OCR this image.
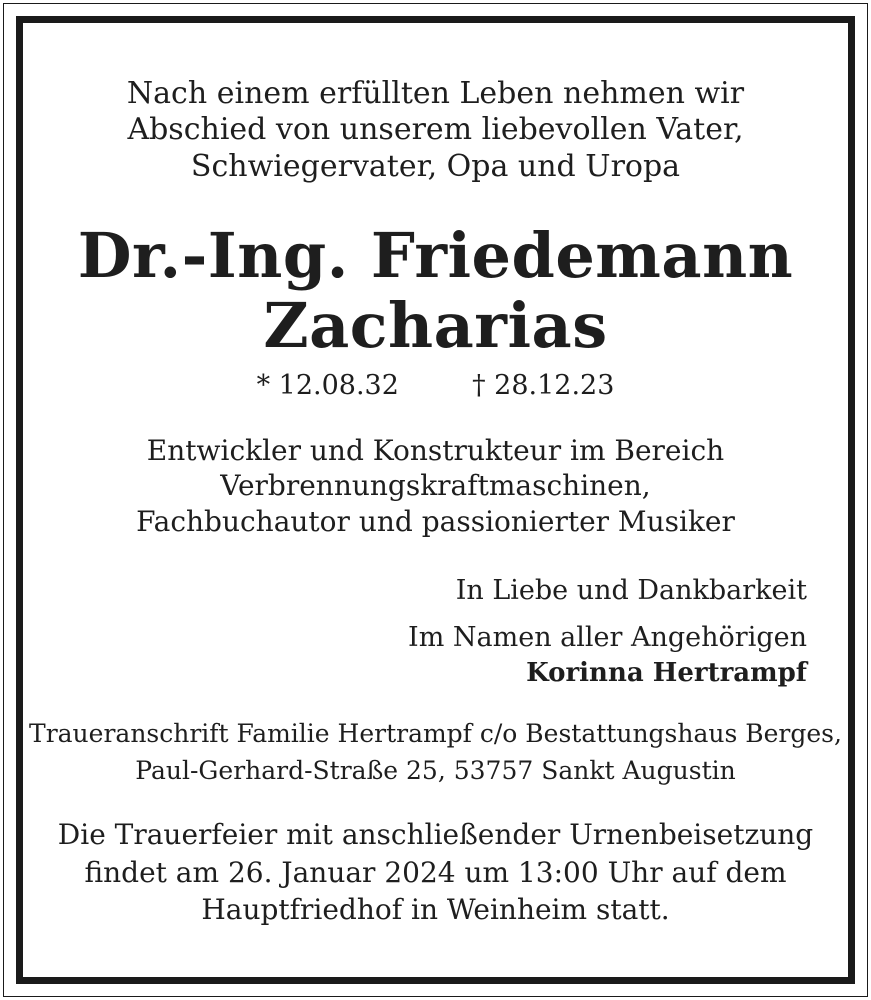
Nach einem erfüllten Leben nehmen wir

Abschied von unserem liebevollen Vater,

Schwiegervater, Opa und Uropa

Dr.-Ing. Friedemann
Zacharias

* 12.08.32	† 28.12.23

Entwickler und Konstrukteur im Bereich

Verbrennungskraftmaschinen,

Fachbuchautor und passionierter Musiker

In Liebe und Dankbarkeit

Im Namen aller Angehörigen

Korinna Hertrampf

Traueranschrift Familie Hertrampf c/o Bestattungshaus Berges,

Paul-Gerhard-Straße 25, 53757 Sankt Augustin

Die Trauerfeier mit anschließender Urnenbeisetzung

findet am 26. Januar 2024 um 13:00 Uhr auf dem

Hauptfriedhof in Weinheim statt.
